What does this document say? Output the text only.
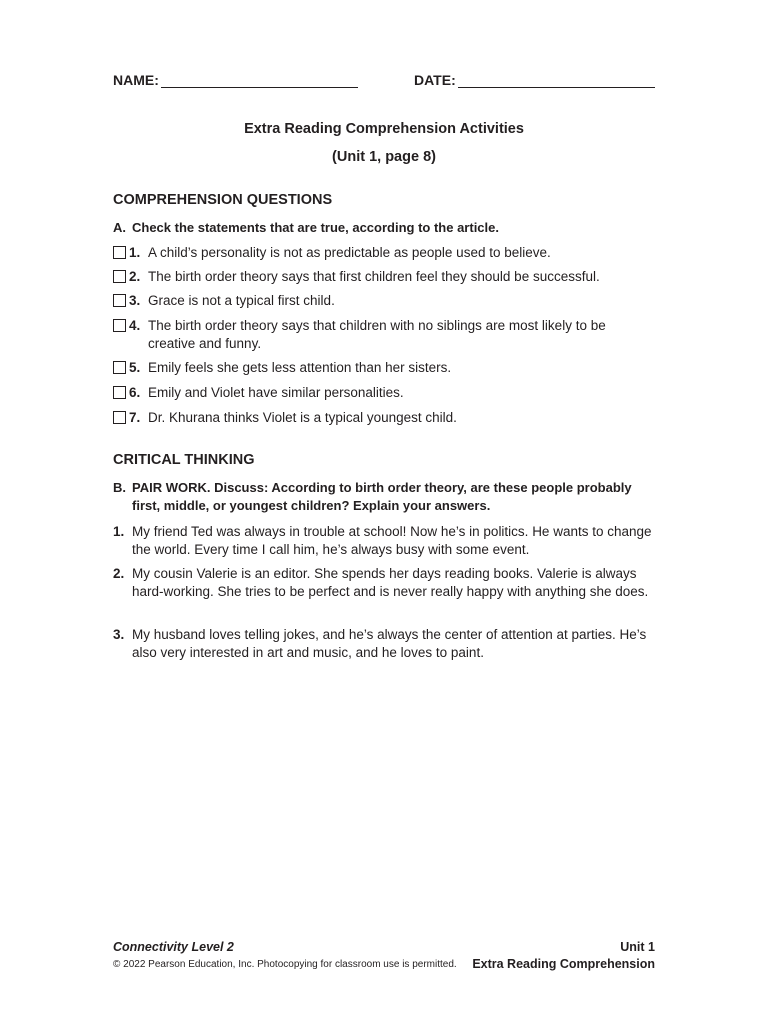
NAME:	DATE:
Extra Reading Comprehension Activities
(Unit 1, page 8)
COMPREHENSION QUESTIONS
A. Check the statements that are true, according to the article.
1. A child’s personality is not as predictable as people used to believe.
2. The birth order theory says that first children feel they should be successful.
3. Grace is not a typical first child.
4. The birth order theory says that children with no siblings are most likely to be creative and funny.
5. Emily feels she gets less attention than her sisters.
6. Emily and Violet have similar personalities.
7. Dr. Khurana thinks Violet is a typical youngest child.
CRITICAL THINKING
B. PAIR WORK. Discuss: According to birth order theory, are these people probably first, middle, or youngest children? Explain your answers.
1. My friend Ted was always in trouble at school! Now he’s in politics. He wants to change the world. Every time I call him, he’s always busy with some event.
2. My cousin Valerie is an editor. She spends her days reading books. Valerie is always hard-working. She tries to be perfect and is never really happy with anything she does.
3. My husband loves telling jokes, and he’s always the center of attention at parties. He’s also very interested in art and music, and he loves to paint.
Connectivity Level 2
© 2022 Pearson Education, Inc. Photocopying for classroom use is permitted.
Unit 1
Extra Reading Comprehension
